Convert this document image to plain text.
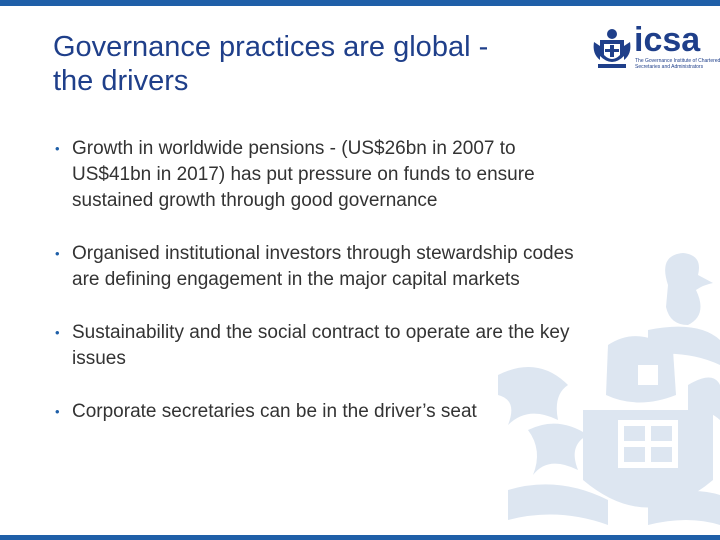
Governance practices are global -
the drivers
icsa
The Governance Institute of Chartered
Secretaries and Administrators
• Growth in worldwide pensions - (US$26bn in 2007 to
US$41bn in 2017) has put pressure on funds to ensure
sustained growth through good governance
• Organised institutional investors through stewardship codes
are defining engagement in the major capital markets
• Sustainability and the social contract to operate are the key
issues
• Corporate secretaries can be in the driver’s seat
